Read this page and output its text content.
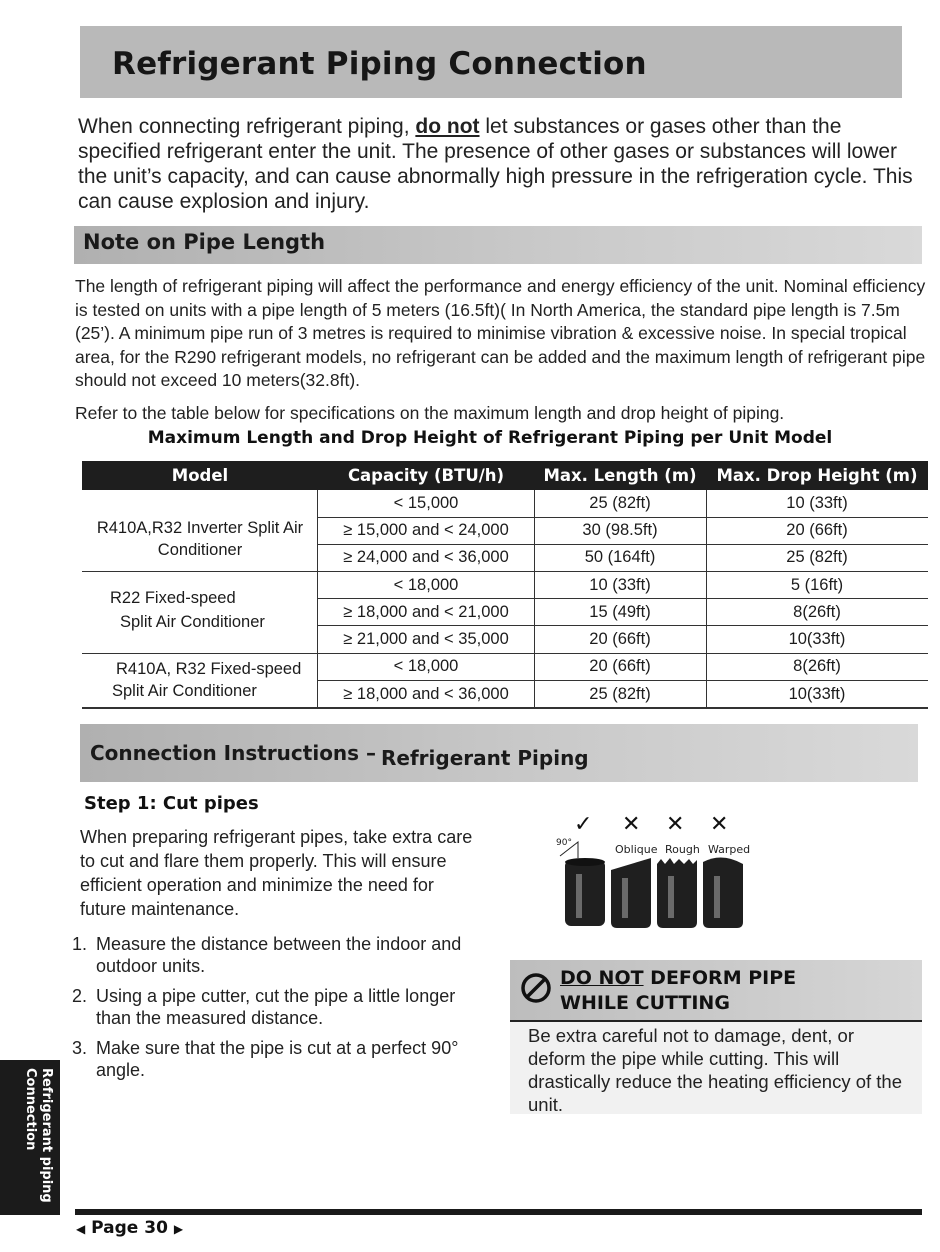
Refrigerant Piping Connection
When connecting refrigerant piping, do not let substances or gases other than the specified refrigerant enter the unit. The presence of other gases or substances will lower the unit’s capacity, and can cause abnormally high pressure in the refrigeration cycle. This can cause explosion and injury.
Note on Pipe Length
The length of refrigerant piping will affect the performance and energy efficiency of the unit. Nominal efficiency is tested on units with a pipe length of 5 meters (16.5ft)( In North America, the standard pipe length is 7.5m (25’). A minimum pipe run of 3 metres is required to minimise vibration & excessive noise. In special tropical area, for the R290 refrigerant models, no refrigerant can be added and the maximum length of refrigerant pipe should not exceed 10 meters(32.8ft).
Refer to the table below for specifications on the maximum length and drop height of piping.
Maximum Length and Drop Height of Refrigerant Piping per Unit Model
Model	Capacity (BTU/h)	Max. Length (m)	Max. Drop Height (m)
R410A,R32 Inverter Split Air
Conditioner
< 15,000	25 (82ft)	10 (33ft)
≥ 15,000 and < 24,000	30 (98.5ft)	20 (66ft)
≥ 24,000 and < 36,000	50 (164ft)	25 (82ft)
R22 Fixed-speed
Split Air Conditioner
< 18,000	10 (33ft)	5 (16ft)
≥ 18,000 and < 21,000	15 (49ft)	8(26ft)
≥ 21,000 and < 35,000	20 (66ft)	10(33ft)
R410A, R32 Fixed-speed
Split Air Conditioner
< 18,000	20 (66ft)	8(26ft)
≥ 18,000 and < 36,000	25 (82ft)	10(33ft)
Connection Instructions – Refrigerant Piping
Step 1: Cut pipes
When preparing refrigerant pipes, take extra care to cut and flare them properly. This will ensure efficient operation and minimize the need for future maintenance.
1. Measure the distance between the indoor and outdoor units.
2. Using a pipe cutter, cut the pipe a little longer than the measured distance.
3. Make sure that the pipe is cut at a perfect 90° angle.
✓ ✕ ✕ ✕
90°	Oblique Rough Warped
DO NOT DEFORM PIPE
WHILE CUTTING
Be extra careful not to damage, dent, or deform the pipe while cutting. This will drastically reduce the heating efficiency of the unit.
Refrigerant piping Connection
◀ Page 30 ▶
